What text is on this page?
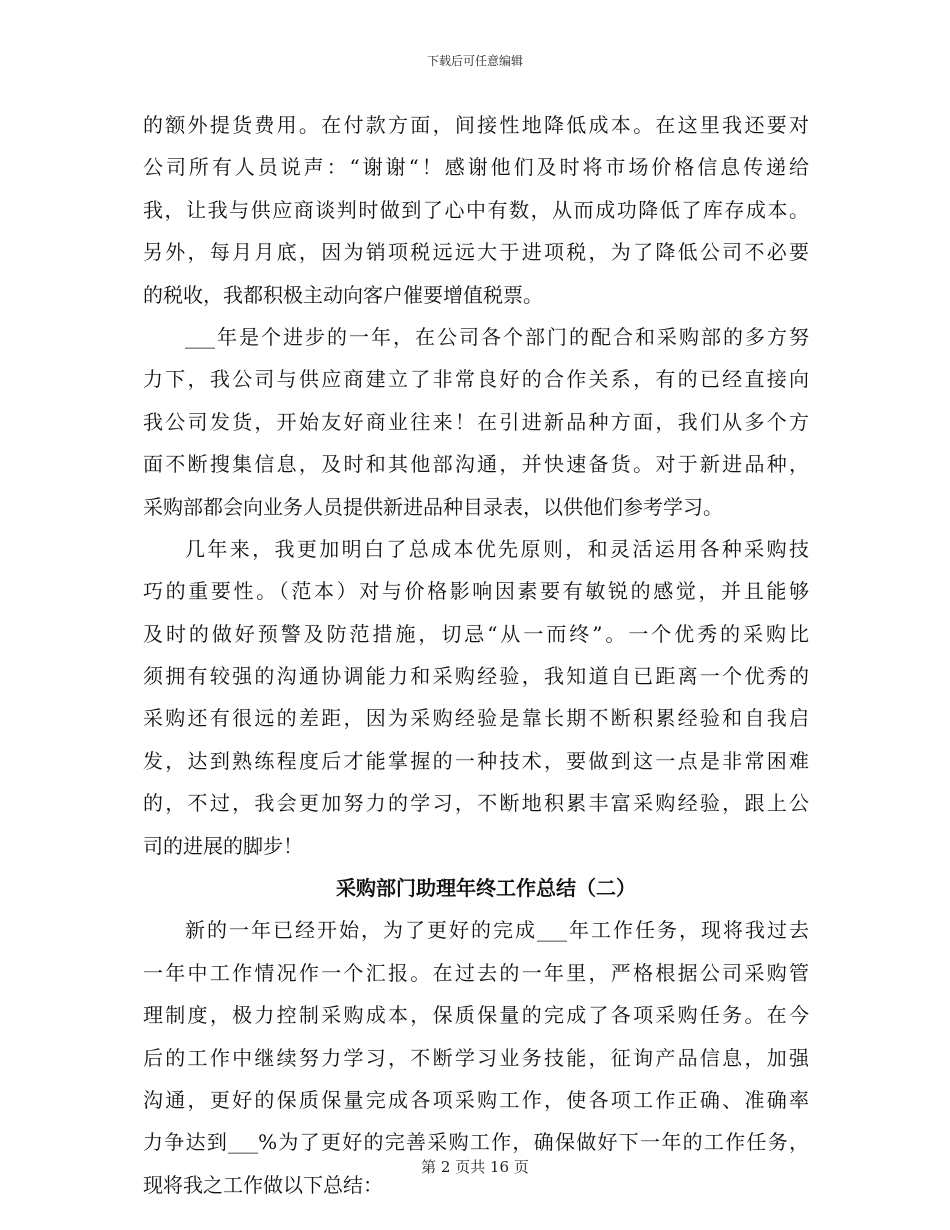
下载后可任意编辑
的额外提货费用。在付款方面，间接性地降低成本。在这里我还要对
公司所有人员说声：“谢谢“！感谢他们及时将市场价格信息传递给
我，让我与供应商谈判时做到了心中有数，从而成功降低了库存成本。
另外，每月月底，因为销项税远远大于进项税，为了降低公司不必要
的税收，我都积极主动向客户催要增值税票。
___年是个进步的一年，在公司各个部门的配合和采购部的多方努
力下，我公司与供应商建立了非常良好的合作关系，有的已经直接向
我公司发货，开始友好商业往来！在引进新品种方面，我们从多个方
面不断搜集信息，及时和其他部沟通，并快速备货。对于新进品种，
采购部都会向业务人员提供新进品种目录表，以供他们参考学习。
几年来，我更加明白了总成本优先原则，和灵活运用各种采购技
巧的重要性。（范本）对与价格影响因素要有敏锐的感觉，并且能够
及时的做好预警及防范措施，切忌“从一而终”。一个优秀的采购比
须拥有较强的沟通协调能力和采购经验，我知道自已距离一个优秀的
采购还有很远的差距，因为采购经验是靠长期不断积累经验和自我启
发，达到熟练程度后才能掌握的一种技术，要做到这一点是非常困难
的，不过，我会更加努力的学习，不断地积累丰富采购经验，跟上公
司的进展的脚步！
采购部门助理年终工作总结（二）
新的一年已经开始，为了更好的完成___年工作任务，现将我过去
一年中工作情况作一个汇报。在过去的一年里，严格根据公司采购管
理制度，极力控制采购成本，保质保量的完成了各项采购任务。在今
后的工作中继续努力学习，不断学习业务技能，征询产品信息，加强
沟通，更好的保质保量完成各项采购工作，使各项工作正确、准确率
力争达到___%为了更好的完善采购工作，确保做好下一年的工作任务，
现将我之工作做以下总结：
第 2 页共 16 页
